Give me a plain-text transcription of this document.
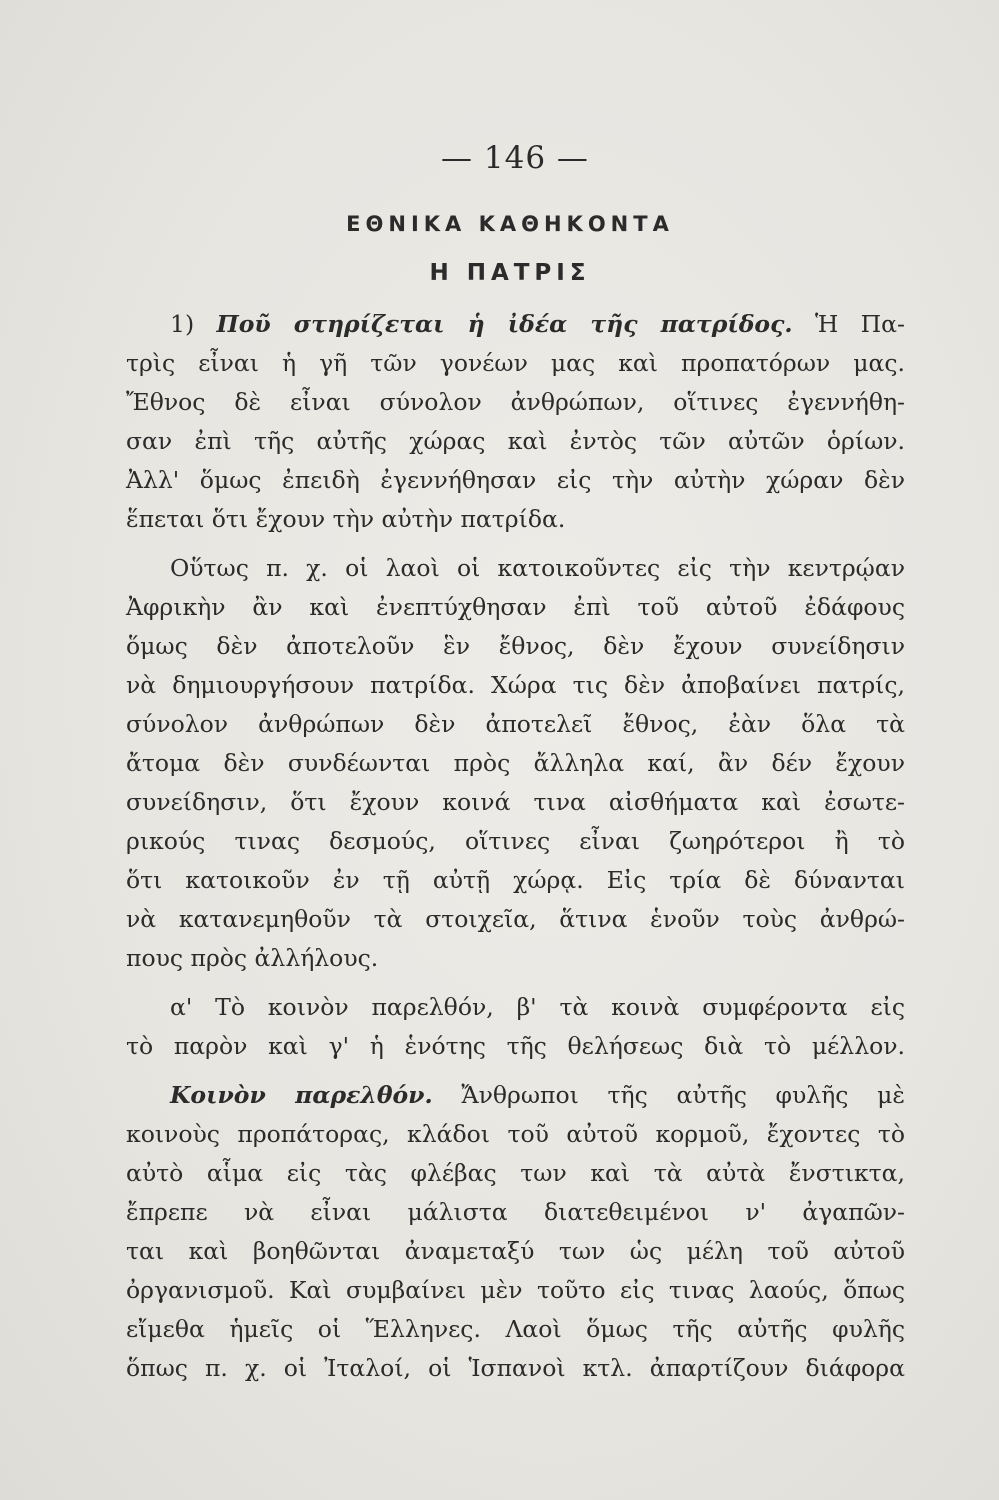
— 146 —
ΕΘΝΙΚΑ ΚΑΘΗΚΟΝΤΑ
Η ΠΑΤΡΙΣ
1) Ποῦ στηρίζεται ἡ ἰδέα τῆς πατρίδος. Ἡ Πα-
τρὶς εἶναι ἡ γῆ τῶν γονέων μας καὶ προπατόρων μας.
Ἔθνος δὲ εἶναι σύνολον ἀνθρώπων, οἵτινες ἐγεννήθη-
σαν ἐπὶ τῆς αὐτῆς χώρας καὶ ἐντὸς τῶν αὐτῶν ὁρίων.
Ἀλλ' ὅμως ἐπειδὴ ἐγεννήθησαν εἰς τὴν αὐτὴν χώραν δὲν
ἕπεται ὅτι ἔχουν τὴν αὐτὴν πατρίδα.
Οὕτως π. χ. οἱ λαοὶ οἱ κατοικοῦντες εἰς τὴν κεντρῴαν
Ἀφρικὴν ἂν καὶ ἐνεπτύχθησαν ἐπὶ τοῦ αὐτοῦ ἐδάφους
ὅμως δὲν ἀποτελοῦν ἓν ἔθνος, δὲν ἔχουν συνείδησιν
νὰ δημιουργήσουν πατρίδα. Χώρα τις δὲν ἀποβαίνει πατρίς,
σύνολον ἀνθρώπων δὲν ἀποτελεῖ ἔθνος, ἐὰν ὅλα τὰ
ἄτομα δὲν συνδέωνται πρὸς ἄλληλα καί, ἂν δέν ἔχουν
συνείδησιν, ὅτι ἔχουν κοινά τινα αἰσθήματα καὶ ἐσωτε-
ρικούς τινας δεσμούς, οἵτινες εἶναι ζωηρότεροι ἢ τὸ
ὅτι κατοικοῦν ἐν τῇ αὐτῇ χώρᾳ. Εἰς τρία δὲ δύνανται
νὰ κατανεμηθοῦν τὰ στοιχεῖα, ἅτινα ἑνοῦν τοὺς ἀνθρώ-
πους πρὸς ἀλλήλους.
α' Τὸ κοινὸν παρελθόν, β' τὰ κοινὰ συμφέροντα εἰς
τὸ παρὸν καὶ γ' ἡ ἑνότης τῆς θελήσεως διὰ τὸ μέλλον.
Κοινὸν παρελθόν. Ἄνθρωποι τῆς αὐτῆς φυλῆς μὲ
κοινοὺς προπάτορας, κλάδοι τοῦ αὐτοῦ κορμοῦ, ἔχοντες τὸ
αὐτὸ αἷμα εἰς τὰς φλέβας των καὶ τὰ αὐτὰ ἔνστικτα,
ἔπρεπε νὰ εἶναι μάλιστα διατεθειμένοι ν' ἀγαπῶν-
ται καὶ βοηθῶνται ἀναμεταξύ των ὡς μέλη τοῦ αὐτοῦ
ὀργανισμοῦ. Καὶ συμβαίνει μὲν τοῦτο εἰς τινας λαούς, ὅπως
εἴμεθα ἡμεῖς οἱ Ἕλληνες. Λαοὶ ὅμως τῆς αὐτῆς φυλῆς
ὅπως π. χ. οἱ Ἰταλοί, οἱ Ἱσπανοὶ κτλ. ἀπαρτίζουν διάφορα
